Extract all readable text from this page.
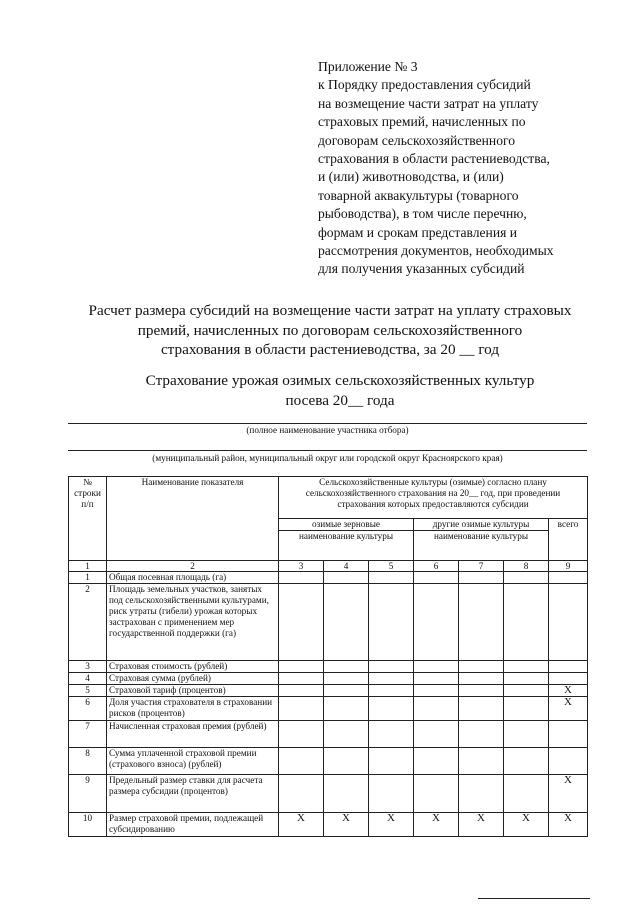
Приложение № 3
к Порядку предоставления субсидий
на возмещение части затрат на уплату
страховых премий, начисленных по
договорам сельскохозяйственного
страхования в области растениеводства,
и (или) животноводства, и (или)
товарной аквакультуры (товарного
рыбоводства), в том числе перечню,
формам и срокам представления и
рассмотрения документов, необходимых
для получения указанных субсидий
Расчет размера субсидий на возмещение части затрат на уплату страховых
премий, начисленных по договорам сельскохозяйственного
страхования в области растениеводства, за 20 __ год
Страхование урожая озимых сельскохозяйственных культур
посева 20__ года
(полное наименование участника отбора)
(муниципальный район, муниципальный округ или городской округ Красноярского края)
№ строки п/п	Наименование показателя	Сельскохозяйственные культуры (озимые) согласно плану сельскохозяйственного страхования на 20__ год, при проведении страхования которых предоставляются субсидии						
		озимые зерновые			другие озимые культуры			всего
		наименование культуры			наименование культуры			
1	2	3	4	5	6	7	8	9
1	Общая посевная площадь (га)							
2	Площадь земельных участков, занятых под сельскохозяйственными культурами, риск утраты (гибели) урожая которых застрахован с применением мер государственной поддержки (га)							
3	Страховая стоимость (рублей)							
4	Страховая сумма (рублей)							
5	Страховой тариф (процентов)							X
6	Доля участия страхователя в страховании рисков (процентов)							X
7	Начисленная страховая премия (рублей)							
8	Сумма уплаченной страховой премии (страхового взноса) (рублей)							
9	Предельный размер ставки для расчета размера субсидии (процентов)							X
10	Размер страховой премии, подлежащей субсидированию	X	X	X	X	X	X	X
